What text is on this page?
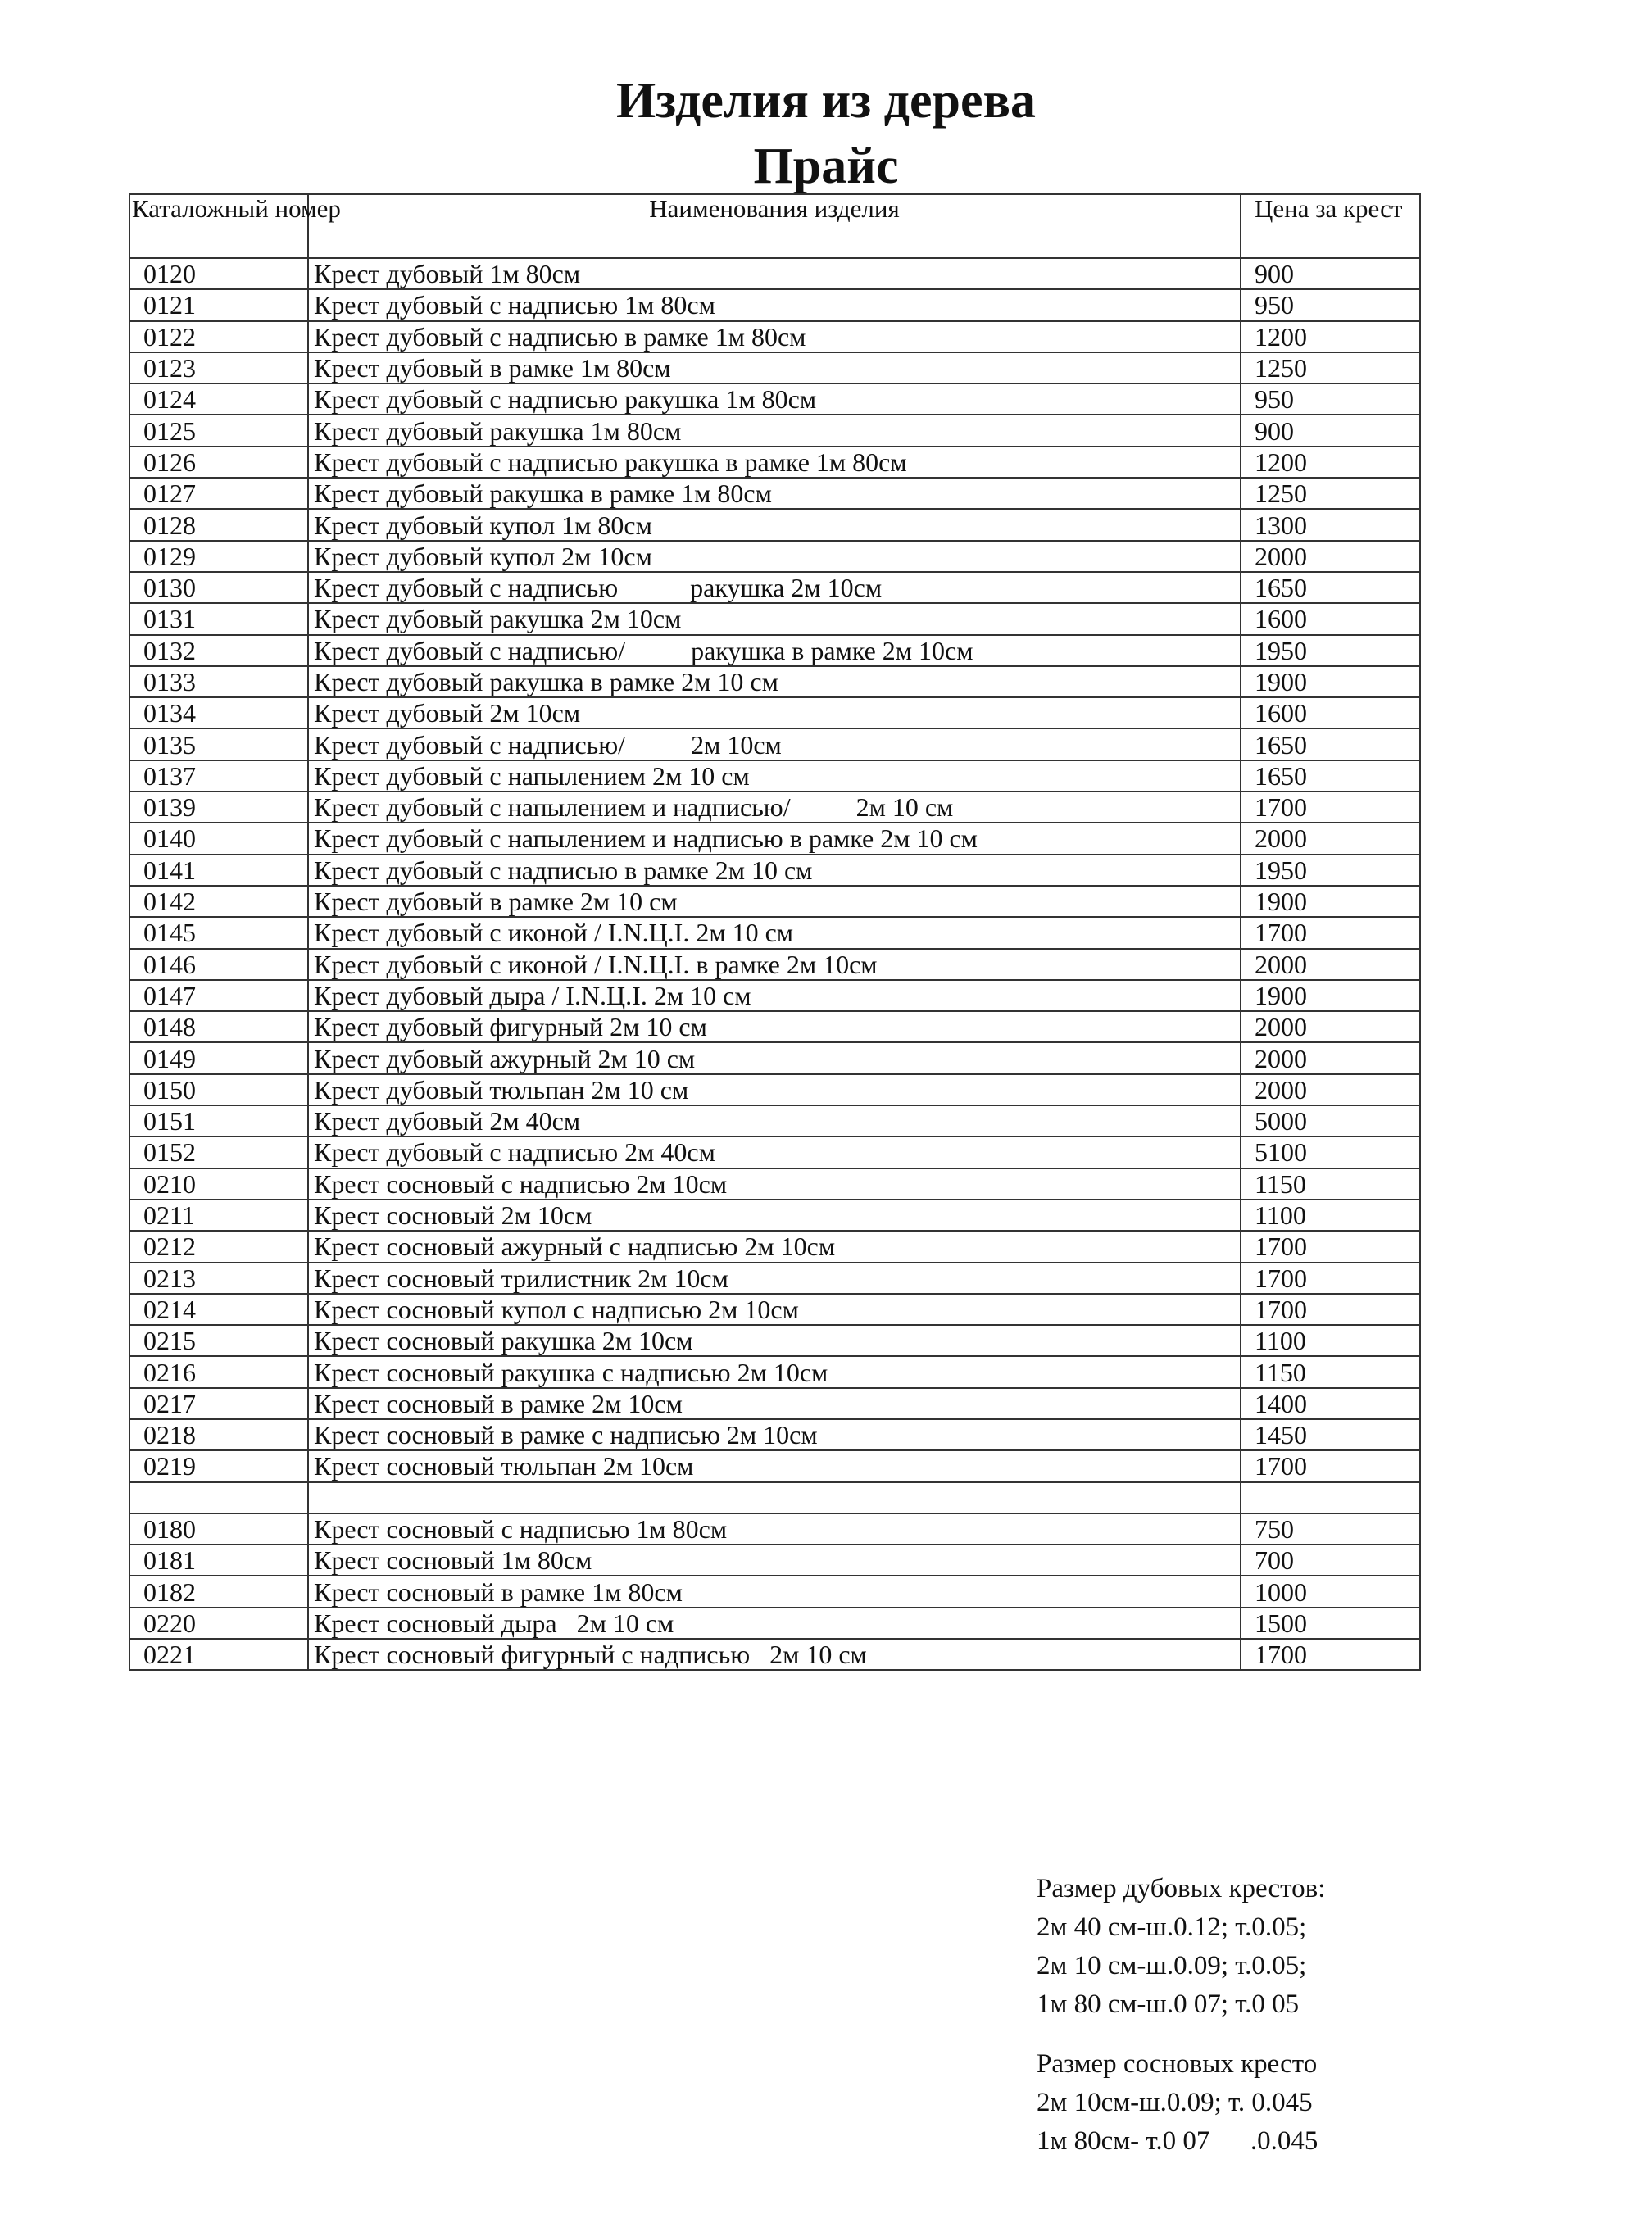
Изделия из дерева
Прайс
Каталожный номер	Наименования изделия	Цена за крест
0120	Крест дубовый 1м 80см	900
0121	Крест дубовый с надписью 1м 80см	950
0122	Крест дубовый с надписью в рамке 1м 80см	1200
0123	Крест дубовый в рамке 1м 80см	1250
0124	Крест дубовый с надписью ракушка 1м 80см	950
0125	Крест дубовый ракушка 1м 80см	900
0126	Крест дубовый с надписью ракушка в рамке 1м 80см	1200
0127	Крест дубовый ракушка в рамке 1м 80см	1250
0128	Крест дубовый купол 1м 80см	1300
0129	Крест дубовый купол 2м 10см	2000
0130	Крест дубовый с надписью           ракушка 2м 10см	1650
0131	Крест дубовый ракушка 2м 10см	1600
0132	Крест дубовый с надписью/          ракушка в рамке 2м 10см	1950
0133	Крест дубовый ракушка в рамке 2м 10 см	1900
0134	Крест дубовый 2м 10см	1600
0135	Крест дубовый с надписью/          2м 10см	1650
0137	Крест дубовый с напылением 2м 10 см	1650
0139	Крест дубовый с напылением и надписью/          2м 10 см	1700
0140	Крест дубовый с напылением и надписью в рамке 2м 10 см	2000
0141	Крест дубовый с надписью в рамке 2м 10 см	1950
0142	Крест дубовый в рамке 2м 10 см	1900
0145	Крест дубовый с иконой / I.N.Ц.I. 2м 10 см	1700
0146	Крест дубовый с иконой / I.N.Ц.I. в рамке 2м 10см	2000
0147	Крест дубовый дыра / I.N.Ц.I. 2м 10 см	1900
0148	Крест дубовый фигурный 2м 10 см	2000
0149	Крест дубовый ажурный 2м 10 см	2000
0150	Крест дубовый тюльпан 2м 10 см	2000
0151	Крест дубовый 2м 40см	5000
0152	Крест дубовый с надписью 2м 40см	5100
0210	Крест сосновый с надписью 2м 10см	1150
0211	Крест сосновый 2м 10см	1100
0212	Крест сосновый ажурный с надписью 2м 10см	1700
0213	Крест сосновый трилистник 2м 10см	1700
0214	Крест сосновый купол с надписью 2м 10см	1700
0215	Крест сосновый ракушка 2м 10см	1100
0216	Крест сосновый ракушка с надписью 2м 10см	1150
0217	Крест сосновый в рамке 2м 10см	1400
0218	Крест сосновый в рамке с надписью 2м 10см	1450
0219	Крест сосновый тюльпан 2м 10см	1700

0180	Крест сосновый с надписью 1м 80см	750
0181	Крест сосновый 1м 80см	700
0182	Крест сосновый в рамке 1м 80см	1000
0220	Крест сосновый дыра   2м 10 см	1500
0221	Крест сосновый фигурный с надписью   2м 10 см	1700
Размер дубовых крестов:
2м 40 см-ш.0.12; т.0.05;
2м 10 см-ш.0.09; т.0.05;
1м 80 см-ш.0 07; т.0 05
Размер сосновых кресто
2м 10см-ш.0.09; т. 0.045
1м 80см- т.0 07      .0.045
